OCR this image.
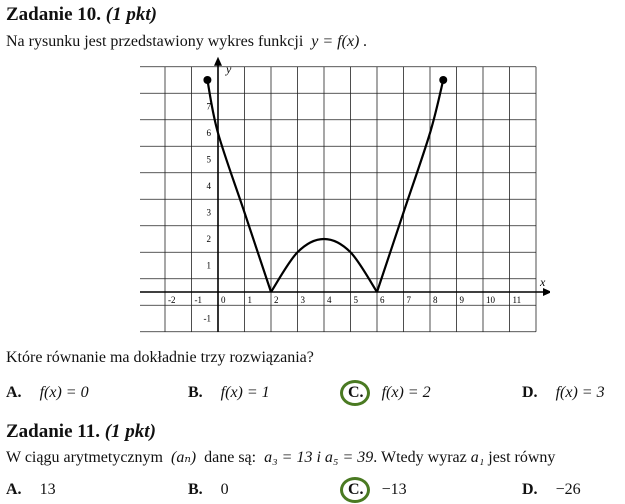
Zadanie 10. (1 pkt)
Na rysunku jest przedstawiony wykres funkcji y = f(x) .
x
y
-2 -1 0 1 2 3 4 5 6 7 8 9 10 11
-1
1
2
3
4
5
6
7
Które równanie ma dokładnie trzy rozwiązania?
A. f(x) = 0	B. f(x) = 1	C. f(x) = 2	D. f(x) = 3
Zadanie 11. (1 pkt)
W ciągu arytmetycznym (aₙ) dane są: a₃ = 13 i a₅ = 39. Wtedy wyraz a₁ jest równy
A. 13	B. 0	C. −13	D. −26
